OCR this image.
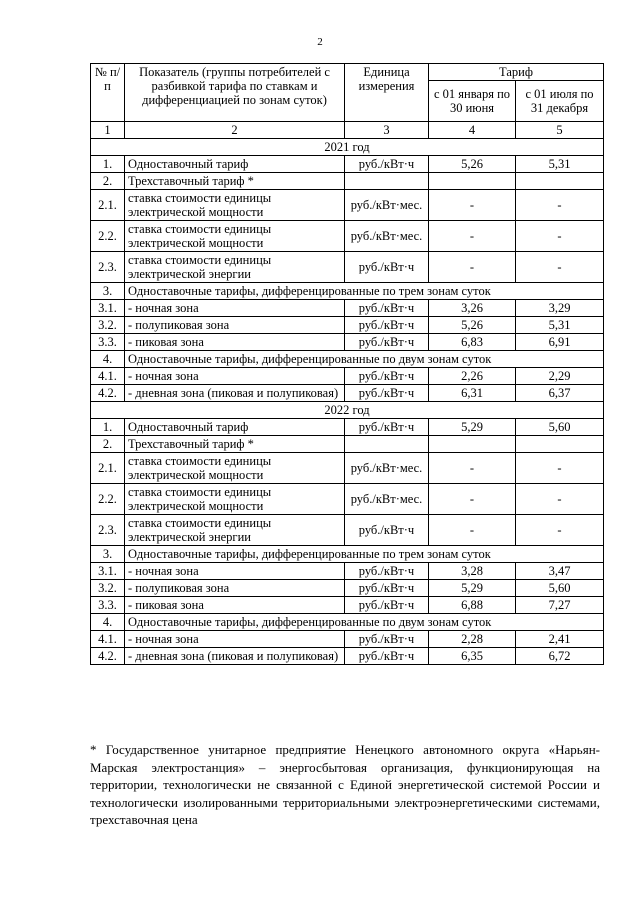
2
№ п/п	Показатель (группы потребителей с разбивкой тарифа по ставкам и дифференциацией по зонам суток)	Единица измерения	Тариф	
			с 01 января по 30 июня	с 01 июля по 31 декабря
1	2	3	4	5
2021 год				
1.	Одноставочный тариф	руб./кВт·ч	5,26	5,31
2.	Трехставочный тариф *			
2.1.	ставка стоимости единицы электрической мощности	руб./кВт·мес.	-	-
2.2.	ставка стоимости единицы электрической мощности	руб./кВт·мес.	-	-
2.3.	ставка стоимости единицы электрической энергии	руб./кВт·ч	-	-
3.	Одноставочные тарифы, дифференцированные по трем зонам суток			
3.1.	- ночная зона	руб./кВт·ч	3,26	3,29
3.2.	- полупиковая зона	руб./кВт·ч	5,26	5,31
3.3.	- пиковая зона	руб./кВт·ч	6,83	6,91
4.	Одноставочные тарифы, дифференцированные по двум зонам суток			
4.1.	- ночная зона	руб./кВт·ч	2,26	2,29
4.2.	- дневная зона (пиковая и полупиковая)	руб./кВт·ч	6,31	6,37
2022 год				
1.	Одноставочный тариф	руб./кВт·ч	5,29	5,60
2.	Трехставочный тариф *			
2.1.	ставка стоимости единицы электрической мощности	руб./кВт·мес.	-	-
2.2.	ставка стоимости единицы электрической мощности	руб./кВт·мес.	-	-
2.3.	ставка стоимости единицы электрической энергии	руб./кВт·ч	-	-
3.	Одноставочные тарифы, дифференцированные по трем зонам суток			
3.1.	- ночная зона	руб./кВт·ч	3,28	3,47
3.2.	- полупиковая зона	руб./кВт·ч	5,29	5,60
3.3.	- пиковая зона	руб./кВт·ч	6,88	7,27
4.	Одноставочные тарифы, дифференцированные по двум зонам суток			
4.1.	- ночная зона	руб./кВт·ч	2,28	2,41
4.2.	- дневная зона (пиковая и полупиковая)	руб./кВт·ч	6,35	6,72
* Государственное унитарное предприятие Ненецкого автономного округа «Нарьян-Марская электростанция» – энергосбытовая организация, функционирующая на территории, технологически не связанной с Единой энергетической системой России и технологически изолированными территориальными электроэнергетическими системами, трехставочная цена
